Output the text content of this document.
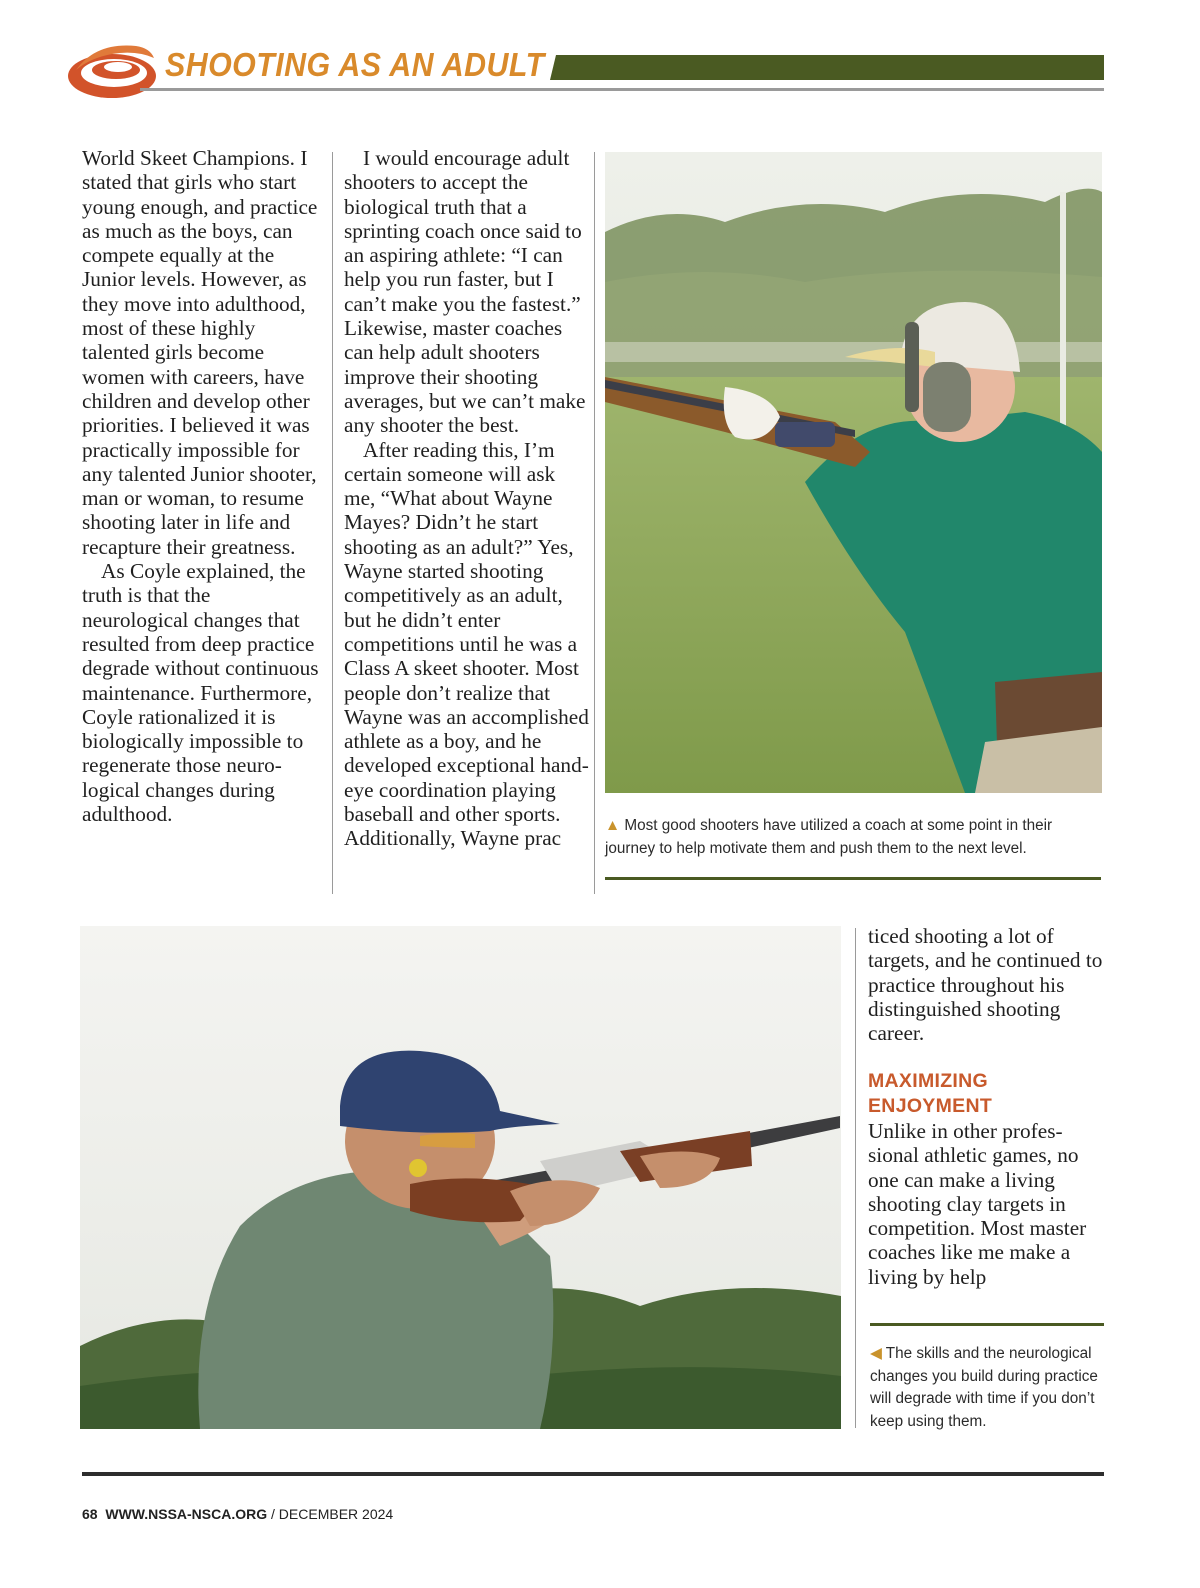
SHOOTING AS AN ADULT

World Skeet Champions. I stated that girls who start young enough, and practice as much as the boys, can compete equally at the Junior levels. However, as they move into adulthood, most of these highly talented girls become women with careers, have children and develop other priorities. I believed it was practically impossible for any talented Junior shooter, man or woman, to resume shooting later in life and recapture their greatness.

As Coyle explained, the truth is that the neurological changes that resulted from deep practice degrade without continuous maintenance. Furthermore, Coyle rationalized it is biologically impossible to regenerate those neurological changes during adulthood.

I would encourage adult shooters to accept the biological truth that a sprinting coach once said to an aspiring athlete: “I can help you run faster, but I can’t make you the fastest.” Likewise, master coaches can help adult shooters improve their shooting averages, but we can’t make any shooter the best.

After reading this, I’m certain someone will ask me, “What about Wayne Mayes? Didn’t he start shooting as an adult?” Yes, Wayne started shooting competitively as an adult, but he didn’t enter competitions until he was a Class A skeet shooter. Most people don’t realize that Wayne was an accomplished athlete as a boy, and he developed exceptional hand-eye coordination playing baseball and other sports. Additionally, Wayne prac

▲ Most good shooters have utilized a coach at some point in their journey to help motivate them and push them to the next level.

ticed shooting a lot of targets, and he continued to practice throughout his distinguished shooting career.

MAXIMIZING ENJOYMENT

Unlike in other professional athletic games, no one can make a living shooting clay targets in competition. Most master coaches like me make a living by help

◀ The skills and the neurological changes you build during practice will degrade with time if you don’t keep using them.
68 WWW.NSSA-NSCA.ORG / DECEMBER 2024
